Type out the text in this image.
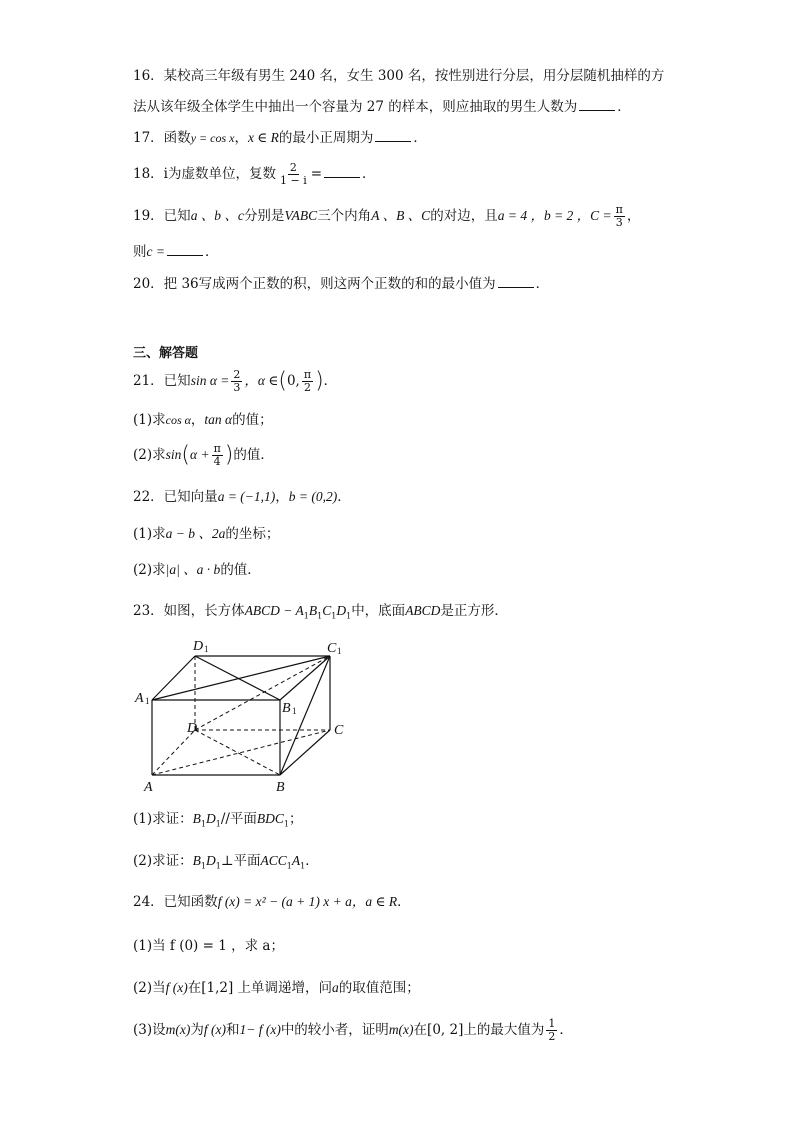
16．某校高三年级有男生 240 名，女生 300 名，按性别进行分层，用分层随机抽样的方
法从该年级全体学生中抽出一个容量为 27 的样本，则应抽取的男生人数为	．
17．函数y = cos x，x ∈ R的最小正周期为	．
18．i为虚数单位，复数 $\frac{2}{1 - i}$ =	．
19．已知a 、b 、c分别是VABC三个内角A 、B 、C的对边，且a = 4 ，b = 2 ，$C = \frac{\pi}{3}$ ，
则c =	．
20．把 36写成两个正数的积，则这两个正数的和的最小值为	．
三、解答题
21．已知$\sin \alpha = \frac{2}{3}$ ，α ∈(0, $\frac{\pi}{2}$ )．
(1)求cos α，tan α的值；
(2)求$\sin(\alpha + \frac{\pi}{4}$ )的值．
22．已知向量a = (−1,1)，b = (0,2)．
(1)求a − b 、2a的坐标；
(2)求|a| 、a · b的值．
23．如图，长方体ABCD − $A_1B_1C_1D_1$中，底面ABCD是正方形．
D 1	C 1
A 1	B 1
D	C
A	B
(1)求证：$B_1D_1//$平面$BDC_1$；
(2)求证：$B_1D_1\perp$平面$ACC_1A_1$．
24．已知函数f (x) = x² − (a + 1) x + a，a ∈ R．
(1)当 f (0) = 1 ，求 a；
(2)当f (x)在[1,2] 上单调递增，问a的取值范围；
(3)设m(x)为f (x)和1− f (x)中的较小者，证明m(x)在[0, 2]上的最大值为 $\frac{1}{2}$ ．
